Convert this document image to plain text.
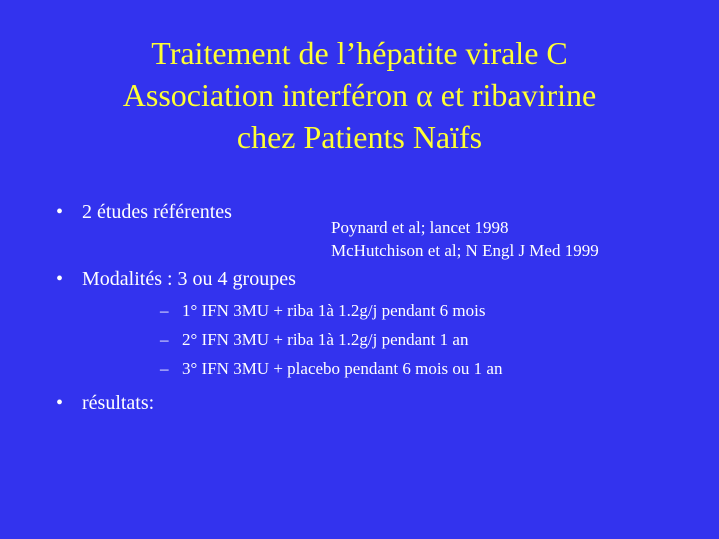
Traitement de l’hépatite virale C
Association interféron α et ribavirine
chez Patients Naïfs
• 2 études référentes
Poynard et al; lancet 1998
McHutchison et al; N Engl J Med 1999
• Modalités : 3 ou 4 groupes
– 1° IFN 3MU + riba 1à 1.2g/j pendant 6 mois
– 2° IFN 3MU + riba 1à 1.2g/j pendant 1 an
– 3° IFN 3MU + placebo pendant 6 mois ou 1 an
• résultats:
